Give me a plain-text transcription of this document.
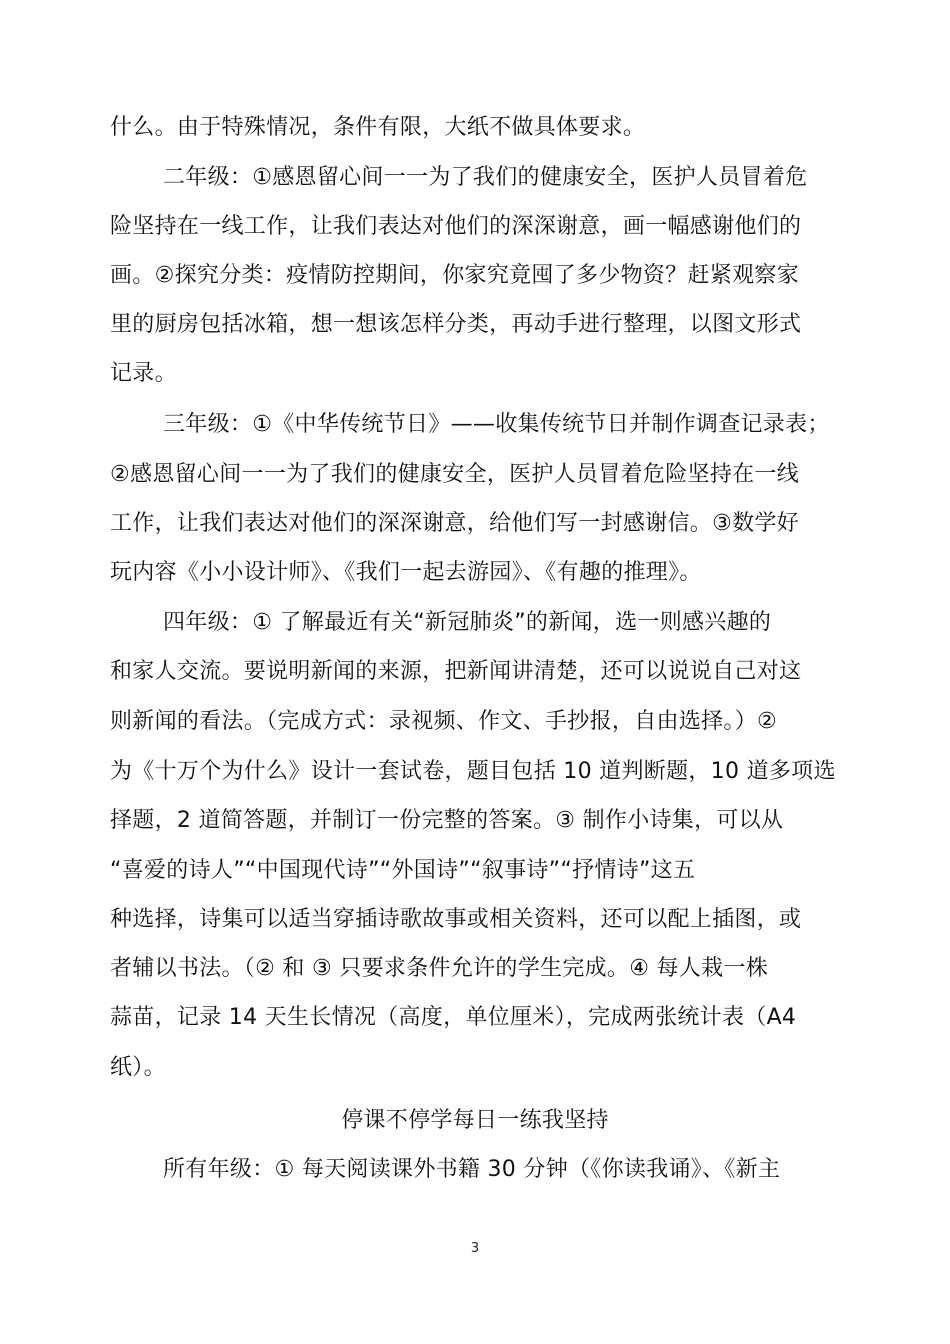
什么。由于特殊情况，条件有限，大纸不做具体要求。
二年级：①感恩留心间一一为了我们的健康安全，医护人员冒着危
险坚持在一线工作，让我们表达对他们的深深谢意，画一幅感谢他们的
画。②探究分类：疫情防控期间，你家究竟囤了多少物资？赶紧观察家
里的厨房包括冰箱，想一想该怎样分类，再动手进行整理，以图文形式
记录。
三年级：①《中华传统节日》——收集传统节日并制作调查记录表；
②感恩留心间一一为了我们的健康安全，医护人员冒着危险坚持在一线
工作，让我们表达对他们的深深谢意，给他们写一封感谢信。③数学好
玩内容《小小设计师》、《我们一起去游园》、《有趣的推理》。
四年级：① 了解最近有关“新冠肺炎”的新闻，选一则感兴趣的
和家人交流。要说明新闻的来源，把新闻讲清楚，还可以说说自己对这
则新闻的看法。（完成方式：录视频、作文、手抄报，自由选择。）②
为《十万个为什么》设计一套试卷，题目包括 10 道判断题，10 道多项选
择题，2 道简答题，并制订一份完整的答案。③ 制作小诗集，可以从
“喜爱的诗人”“中国现代诗”“外国诗”“叙事诗”“抒情诗”这五
种选择，诗集可以适当穿插诗歌故事或相关资料，还可以配上插图，或
者辅以书法。（② 和 ③ 只要求条件允许的学生完成。④ 每人栽一株
蒜苗，记录 14 天生长情况（高度，单位厘米），完成两张统计表（A4
纸）。
停课不停学每日一练我坚持
所有年级：① 每天阅读课外书籍 30 分钟（《你读我诵》、《新主
3
